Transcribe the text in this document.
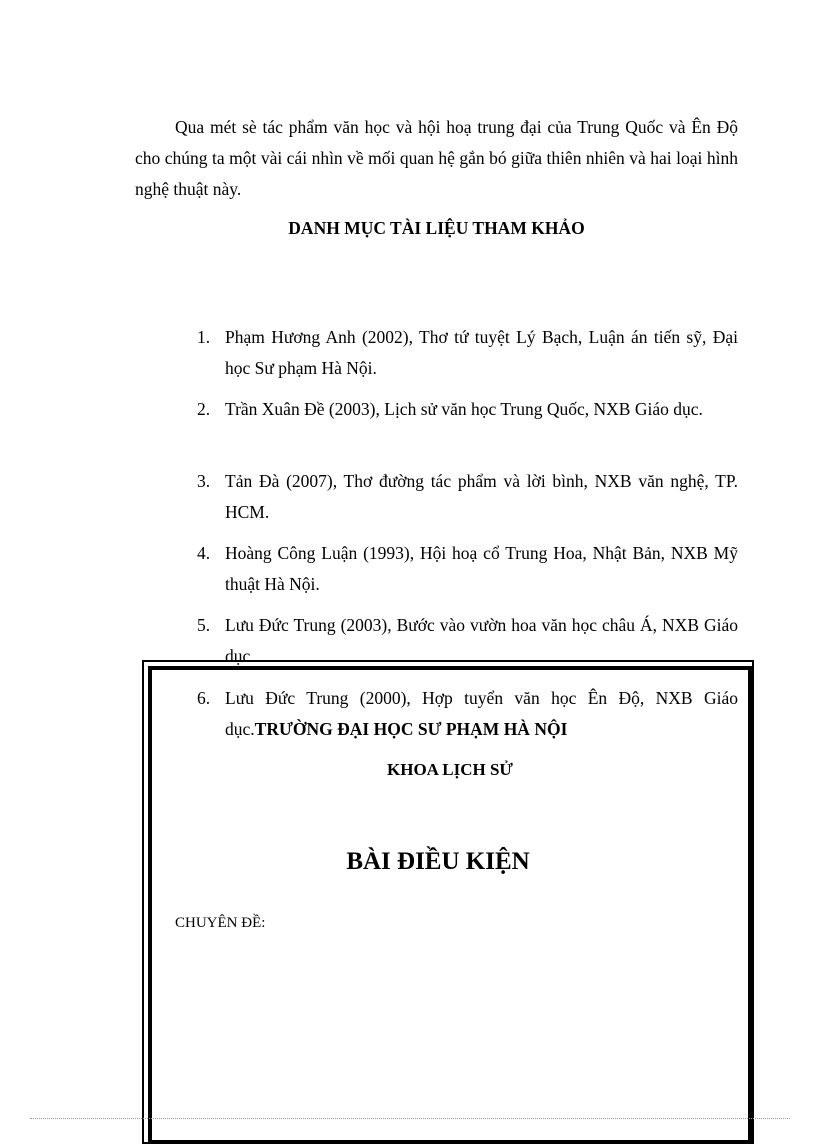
Qua mét sè tác phẩm văn học và hội hoạ trung đại của Trung Quốc và Ên Độ cho chúng ta một vài cái nhìn về mối quan hệ gắn bó giữa thiên nhiên và hai loại hình nghệ thuật này.

DANH MỤC TÀI LIỆU THAM KHẢO
1. Phạm Hương Anh (2002), Thơ tứ tuyệt Lý Bạch, Luận án tiến sỹ, Đại học Sư phạm Hà Nội.
2. Trần Xuân Đề (2003), Lịch sử văn học Trung Quốc, NXB Giáo dục.
3. Tản Đà (2007), Thơ đường tác phẩm và lời bình, NXB văn nghệ, TP. HCM.
4. Hoàng Công Luận (1993), Hội hoạ cổ Trung Hoa, Nhật Bản, NXB Mỹ thuật Hà Nội.
5. Lưu Đức Trung (2003), Bước vào vườn hoa văn học châu Á, NXB Giáo dục.
6. Lưu Đức Trung (2000), Hợp tuyển văn học Ên Độ, NXB Giáo dục.TRƯỜNG ĐẠI HỌC SƯ PHẠM HÀ NỘI
KHOA LỊCH SỬ
BÀI ĐIỀU KIỆN
CHUYÊN ĐỀ:
